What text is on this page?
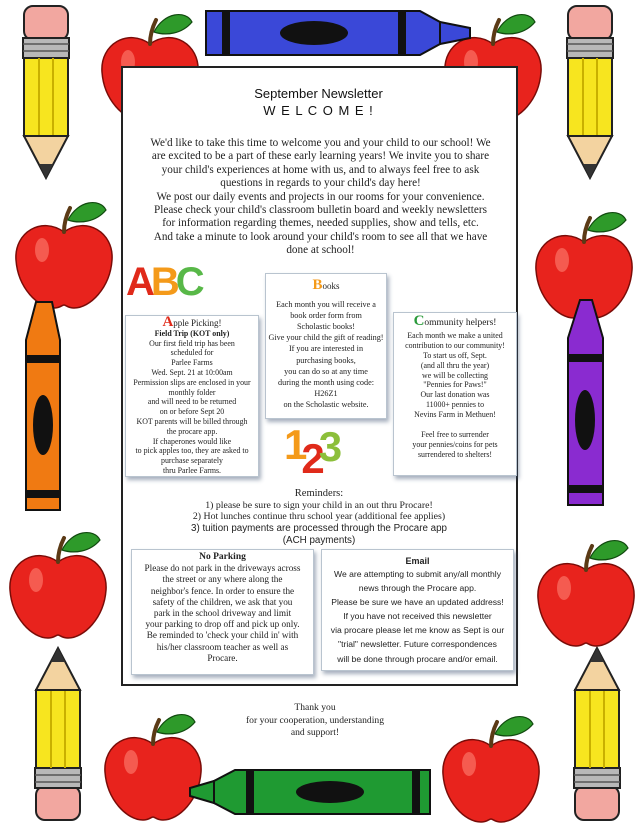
September Newsletter
W E L C O M E !
We'd like to take this time to welcome you and your child to our school! We
are excited to be a part of these early learning years! We invite you to share
your child's experiences at home with us, and to always feel free to ask
questions in regards to your child's day here!
We post our daily events and projects in our rooms for your convenience.
Please check your child's classroom bulletin board and weekly newsletters
for information regarding themes, needed supplies, show and tells, etc.
And take a minute to look around your child's room to see all that we have
done at school!
ABC	Books

Each month you will receive a

book order form from

Scholastic books!

Give your child the gift of reading!

If you are interested in

purchasing books,

you can do so at any time

during the month using code:

H26Z1

on the Scholastic website.

Apple Picking!

Field Trip (KOT only)

Our first field trip has been

scheduled for

Parlee Farms

Wed. Sept. 21 at 10:00am

Permission slips are enclosed in your

monthly folder

and will need to be returned

on or before Sept 20

KOT parents will be billed through

the procare app.

If chaperones would like

to pick apples too, they are asked to

purchase separately

thru Parlee Farms.

Community helpers!

Each month we make a united

contribution to our community!

To start us off, Sept.

(and all thru the year)

we will be collecting

"Pennies for Paws!"

Our last donation was

11000+ pennies to

Nevins Farm in Methuen!

Feel free to surrender

your pennies/coins for pets

surrendered to shelters!

123
Reminders:
1) please be sure to sign your child in an out thru Procare!
2) Hot lunches continue thru school year (additional fee applies)
3) tuition payments are processed through the Procare app
(ACH payments)

No Parking

Please do not park in the driveways across

the street or any where along the

neighbor's fence. In order to ensure the

safety of the children, we ask that you

park in the school driveway and limit

your parking to drop off and pick up only.

Be reminded to 'check your child in' with

his/her classroom teacher as well as

Procare.

Email

We are attempting to submit any/all monthly

news through the Procare app.

Please be sure we have an updated address!

If you have not received this newsletter

via procare please let me know as Sept is our

"trial" newsletter. Future correspondences

will be done through procare and/or email.

Thank you
for your cooperation, understanding
and support!
